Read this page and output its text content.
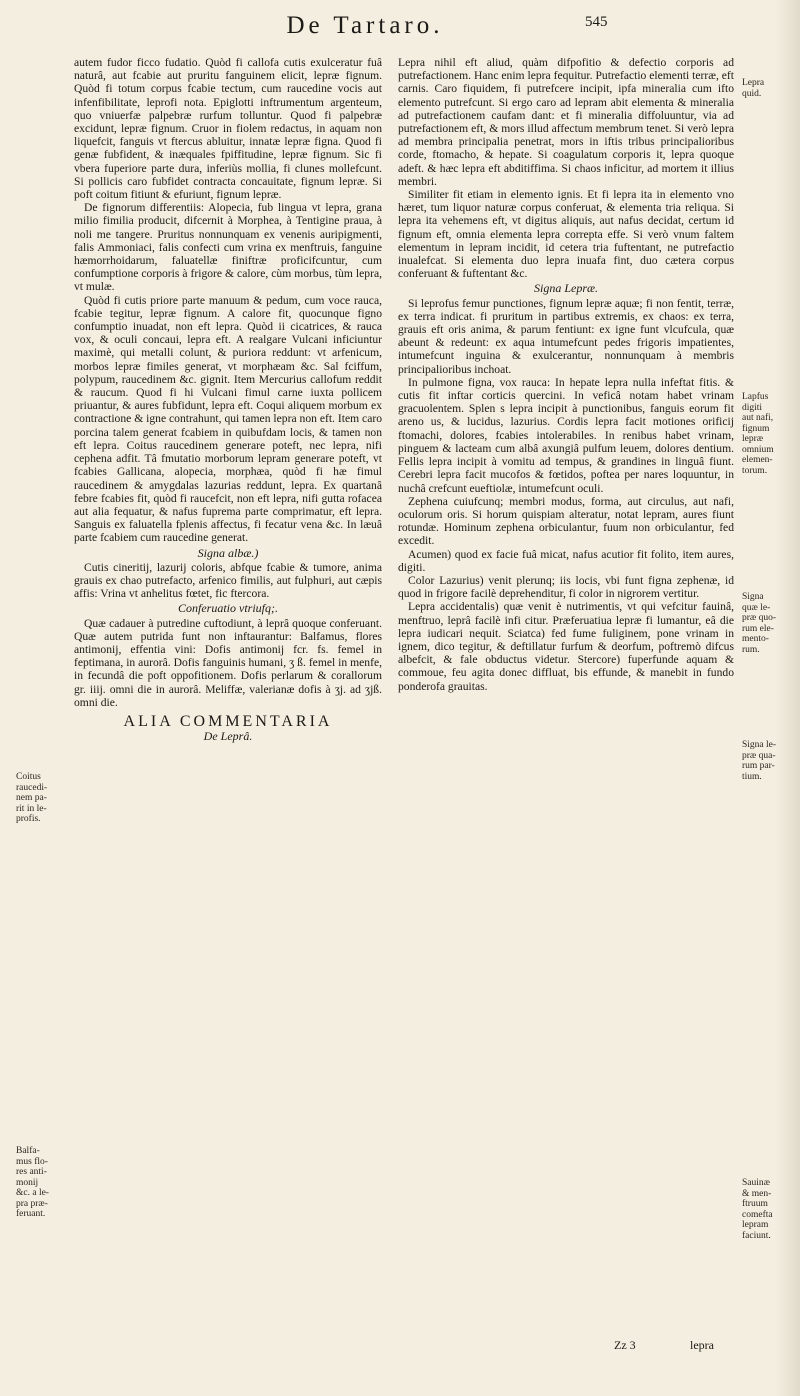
De Tartaro.	545
Coitus
raucedi-
nem pa-
rit in le-
profis.
Balfa-
mus flo-
res anti-
monij
&c. a le-
pra præ-
feruant.
Lepra
quid.
Lapfus
digiti
aut nafi,
fignum
lepræ
omnium
elemen-
torum.
Signa
quæ le-
præ quo-
rum ele-
mento-
rum.
Signa le-
præ qua-
rum par-
tium.
Sauinæ
& men-
ftruum
comefta
lepram
faciunt.

autem fudor ficco fudatio. Quòd fi callofa cutis exulceratur fuâ naturâ, aut fcabie aut pruritu fanguinem elicit, lepræ fignum. Quòd fi totum corpus fcabie tectum, cum raucedine vocis aut infenfibilitate, leprofi nota. Epiglotti inftrumentum argenteum, quo vniuerfæ palpebræ rurfum tolluntur. Quod fi palpebræ excidunt, lepræ fignum. Cruor in fiolem redactus, in aquam non liquefcit, fanguis vt ftercus abluitur, innatæ lepræ figna. Quod fi genæ fubfident, & inæquales fpiffitudine, lepræ fignum. Sic fi vbera fuperiore parte dura, inferiùs mollia, fi clunes mollefcunt. Si pollicis caro fubfidet contracta concauitate, fignum lepræ. Si poft coitum fitiunt & efuriunt, fignum lepræ.

De fignorum differentiis: Alopecia, fub lingua vt lepra, grana milio fimilia producit, difcernit à Morphea, à Tentigine praua, à noli me tangere. Pruritus nonnunquam ex venenis auripigmenti, falis Ammoniaci, falis confecti cum vrina ex menftruis, fanguine hæmorrhoidarum, faluatellæ finiftræ proficifcuntur, cum confumptione corporis à frigore & calore, cùm morbus, tùm lepra, vt mulæ.

Quòd fi cutis priore parte manuum & pedum, cum voce rauca, fcabie tegitur, lepræ fignum. A calore fit, quocunque figno confumptio inuadat, non eft lepra. Quòd ii cicatrices, & rauca vox, & oculi concaui, lepra eft. A realgare Vulcani inficiuntur maximè, qui metalli colunt, & puriora reddunt: vt arfenicum, morbos lepræ fimiles generat, vt morphæam &c. Sal fciffum, polypum, raucedinem &c. gignit. Item Mercurius callofum reddit & raucum. Quod fi hi Vulcani fimul carne iuxta pollicem priuantur, & aures fubfidunt, lepra eft. Coqui aliquem morbum ex contractione & igne contrahunt, qui tamen lepra non eft. Item caro porcina talem generat fcabiem in quibufdam locis, & tamen non eft lepra. Coitus raucedinem generare poteft, nec lepra, nifi cephena adfit. Tâ fmutatio morborum lepram generare poteft, vt fcabies Gallicana, alopecia, morphæa, quòd fi hæ fimul raucedinem & amygdalas lazurias reddunt, lepra. Ex quartanâ febre fcabies fit, quòd fi raucefcit, non eft lepra, nifi gutta rofacea aut alia fequatur, & nafus fuprema parte comprimatur, eft lepra. Sanguis ex faluatella fplenis affectus, fi fecatur vena &c. In læuâ parte fcabiem cum raucedine generat.

Signa albæ.)

Cutis cineritij, lazurij coloris, abfque fcabie & tumore, anima grauis ex chao putrefacto, arfenico fimilis, aut fulphuri, aut cæpis affis: Vrina vt anhelitus fœtet, fic ftercora.

Conferuatio vtriufq;.

Quæ cadauer à putredine cuftodiunt, à leprâ quoque conferuant. Quæ autem putrida funt non inftaurantur: Balfamus, flores antimonij, effentia vini: Dofis antimonij fcr. fs. femel in feptimana, in aurorâ. Dofis fanguinis humani, ʒ ß. femel in menfe, in fecundâ die poft oppofitionem. Dofis perlarum & corallorum gr. iiij. omni die in aurorâ. Meliffæ, valerianæ dofis à ʒj. ad ʒjß. omni die.

ALIA COMMENTARIA

De Leprâ.

Lepra nihil eft aliud, quàm difpofitio & defectio corporis ad putrefactionem. Hanc enim lepra fequitur. Putrefactio elementi terræ, eft carnis. Caro fiquidem, fi putrefcere incipit, ipfa mineralia cum ifto elemento putrefcunt. Si ergo caro ad lepram abit elementa & mineralia ad putrefactionem caufam dant: et fi mineralia diffoluuntur, via ad putrefactionem eft, & mors illud affectum membrum tenet. Si verò lepra ad membra principalia penetrat, mors in iftis tribus principalioribus corde, ftomacho, & hepate. Si coagulatum corporis it, lepra quoque adeft. & hæc lepra eft abditiffima. Si chaos inficitur, ad mortem it illius membri.

Similiter fit etiam in elemento ignis. Et fi lepra ita in elemento vno hæret, tum liquor naturæ corpus conferuat, & elementa tria reliqua. Si lepra ita vehemens eft, vt digitus aliquis, aut nafus decidat, certum id fignum eft, omnia elementa lepra correpta effe. Si verò vnum faltem elementum in lepram incidit, id cetera tria fuftentant, ne putrefactio inualefcat. Si elementa duo lepra inuafa fint, duo cætera corpus conferuant & fuftentant &c.

Signa Lepræ.

Si leprofus femur punctiones, fignum lepræ aquæ; fi non fentit, terræ, ex terra indicat. fi pruritum in partibus extremis, ex chaos: ex terra, grauis eft oris anima, & parum fentiunt: ex igne funt vlcufcula, quæ abeunt & redeunt: ex aqua intumefcunt pedes frigoris impatientes, intumefcunt inguina & exulcerantur, nonnunquam à membris principalioribus inchoat.

In pulmone figna, vox rauca: In hepate lepra nulla infeftat fitis. & cutis fit inftar corticis quercini. In veficâ notam habet vrinam gracuolentem. Splen s lepra incipit à punctionibus, fanguis eorum fit areno us, & lucidus, lazurius. Cordis lepra facit motiones orificij ftomachi, dolores, fcabies intolerabiles. In renibus habet vrinam, pinguem & lacteam cum albâ axungiâ pulfum leuem, dolores dentium. Fellis lepra incipit à vomitu ad tempus, & grandines in linguâ fiunt. Cerebri lepra facit mucofos & fœtidos, poftea per nares loquuntur, in nuchâ crefcunt eueftiolæ, intumefcunt oculi.

Zephena cuiufcunq; membri modus, forma, aut circulus, aut nafi, oculorum oris. Si horum quispiam alteratur, notat lepram, aures fiunt rotundæ. Hominum zephena orbiculantur, fuum non orbiculantur, fed excedit.

Acumen) quod ex facie fuâ micat, nafus acutior fit folito, item aures, digiti.

Color Lazurius) venit plerunq; iis locis, vbi funt figna zephenæ, id quod in frigore facilè deprehenditur, fi color in nigrorem vertitur.

Lepra accidentalis) quæ venit è nutrimentis, vt qui vefcitur fauinâ, menftruo, leprâ facilè infi citur. Præferuatiua lepræ fi lumantur, eâ die lepra iudicari nequit. Sciatca) fed fume fuliginem, pone vrinam in ignem, dico tegitur, & deftillatur furfum & deorfum, poftremò difcus albefcit, & fale obductus videtur. Stercore) fuperfunde aquam & commoue, feu agita donec diffluat, bis effunde, & manebit in fundo ponderofa grauitas.

Zz 3	lepra
